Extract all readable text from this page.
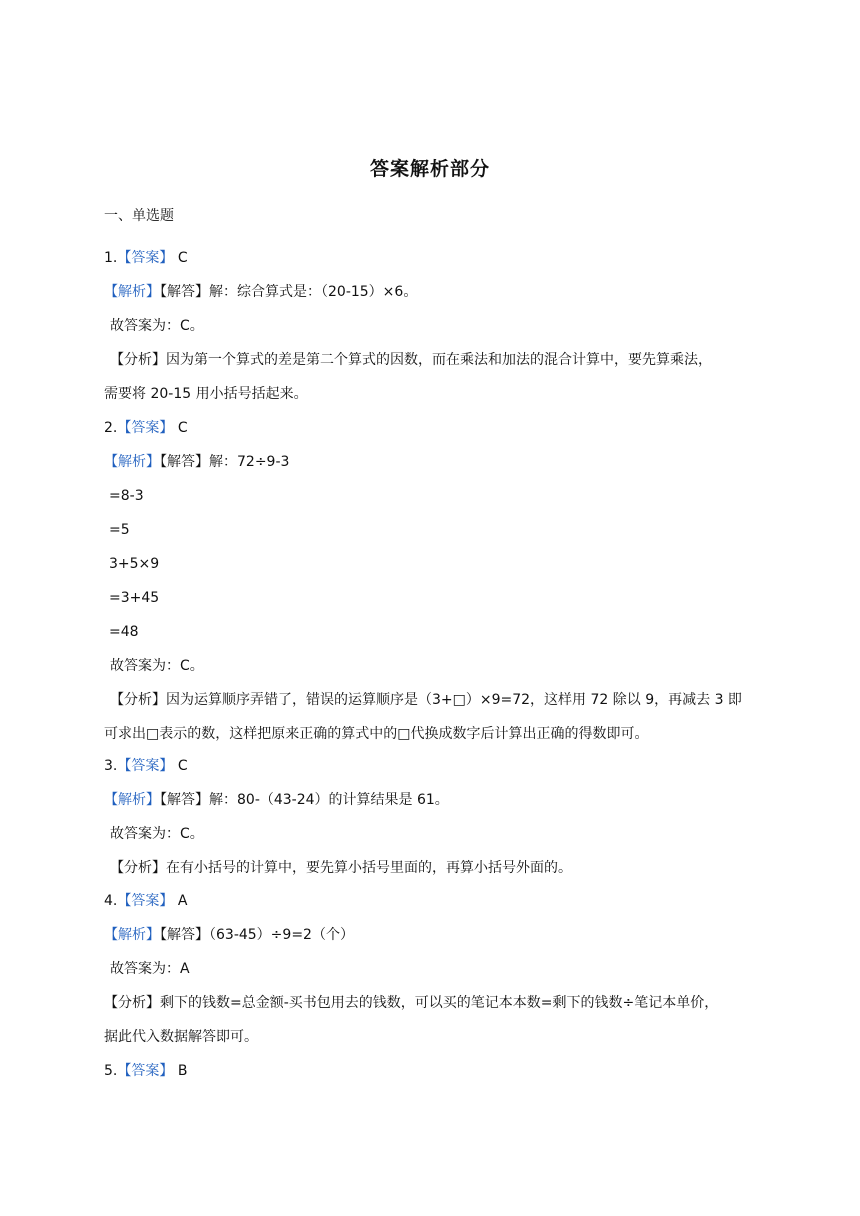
答案解析部分
一、单选题
1.【答案】 C
【解析】【解答】解：综合算式是：（20-15）×6。
故答案为：C。
【分析】因为第一个算式的差是第二个算式的因数，而在乘法和加法的混合计算中，要先算乘法，
需要将 20-15 用小括号括起来。
2.【答案】 C
【解析】【解答】解：72÷9-3
=8-3
=5
3+5×9
=3+45
=48
故答案为：C。
【分析】因为运算顺序弄错了，错误的运算顺序是（3+□）×9=72，这样用 72 除以 9，再减去 3 即
可求出□表示的数，这样把原来正确的算式中的□代换成数字后计算出正确的得数即可。
3.【答案】 C
【解析】【解答】解：80-（43-24）的计算结果是 61。
故答案为：C。
【分析】在有小括号的计算中，要先算小括号里面的，再算小括号外面的。
4.【答案】 A
【解析】【解答】（63-45）÷9=2（个）
故答案为：A
【分析】剩下的钱数=总金额-买书包用去的钱数，可以买的笔记本本数=剩下的钱数÷笔记本单价，
据此代入数据解答即可。
5.【答案】 B
